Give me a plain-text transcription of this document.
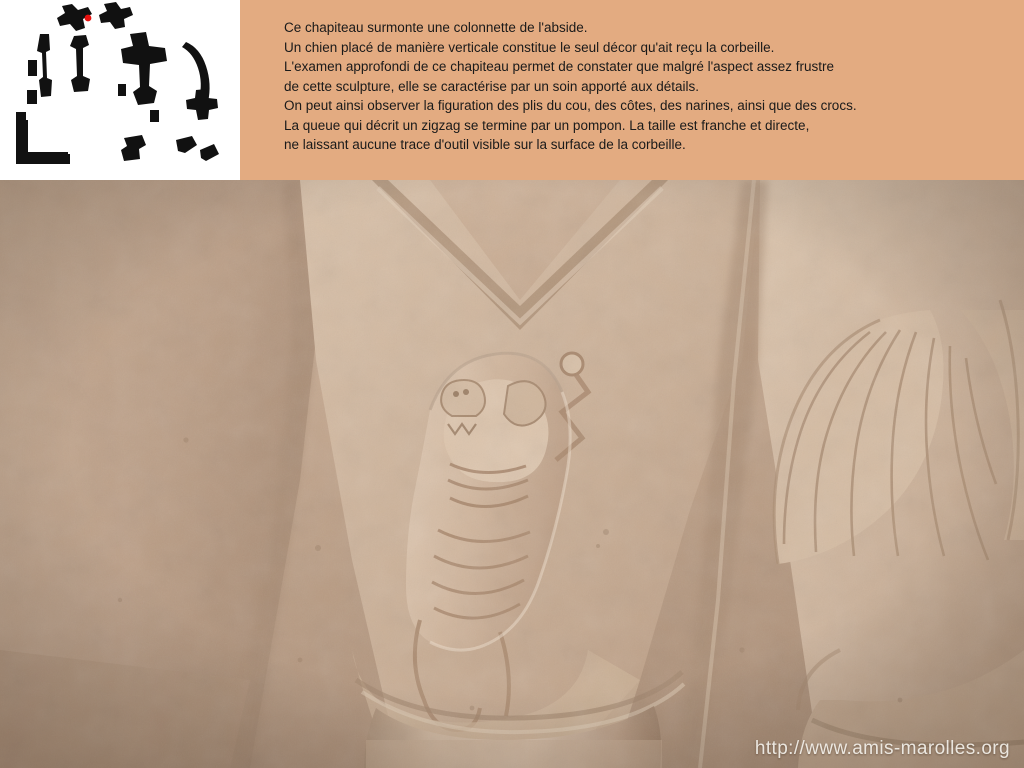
Ce chapiteau surmonte une colonnette de l'abside.
Un chien placé de manière verticale constitue le seul décor qu'ait reçu la corbeille.
L'examen approfondi de ce chapiteau permet de constater que malgré l'aspect assez frustre
de cette sculpture, elle se caractérise par un soin apporté aux détails.
On peut ainsi observer la figuration des plis du cou, des côtes, des narines, ainsi que des crocs.
La queue qui décrit un zigzag se termine par un pompon. La taille est franche et directe,
ne laissant aucune trace d'outil visible sur la surface de la corbeille.
http://www.amis-marolles.org
